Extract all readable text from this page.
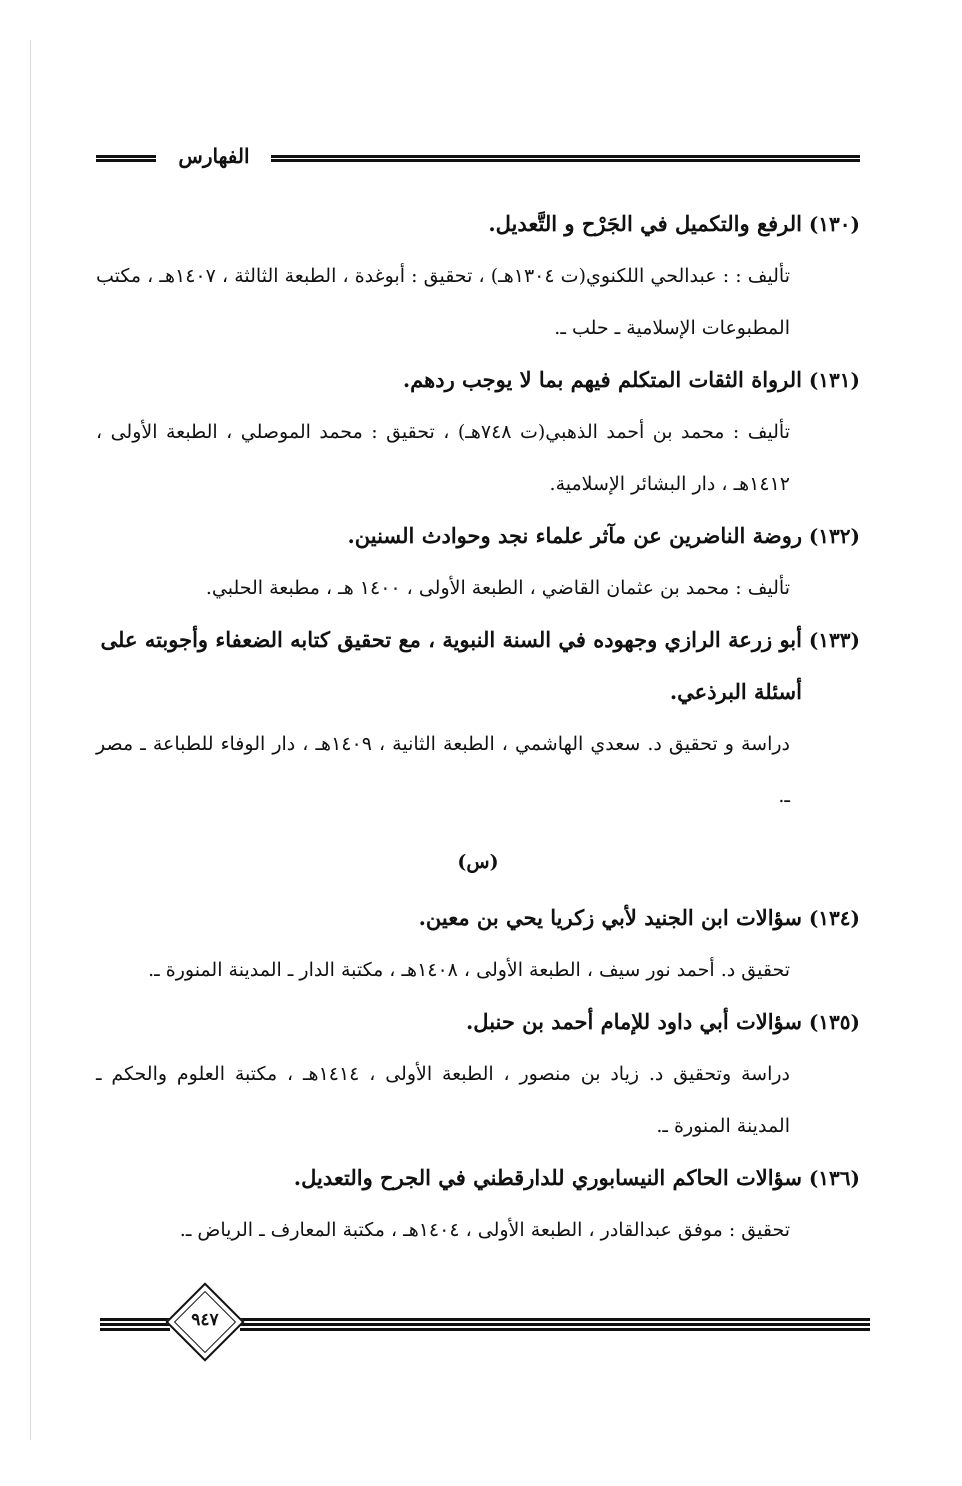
الفهارس
(١٣٠)
الرفع والتكميل في الجَرْح و التَّعديل.
تأليف : : عبدالحي اللكنوي(ت ١٣٠٤هـ) ، تحقيق : أبوغدة ، الطبعة الثالثة ، ١٤٠٧هـ ، مكتب المطبوعات الإسلامية ـ حلب ـ.
(١٣١)
الرواة الثقات المتكلم فيهم بما لا يوجب ردهم.
تأليف : محمد بن أحمد الذهبي(ت ٧٤٨هـ) ، تحقيق : محمد الموصلي ، الطبعة الأولى ، ١٤١٢هـ ، دار البشائر الإسلامية.
(١٣٢)
روضة الناضرين عن مآثر علماء نجد وحوادث السنين.
تأليف : محمد بن عثمان القاضي ، الطبعة الأولى ، ١٤٠٠ هـ ، مطبعة الحلبي.
(١٣٣)
أبو زرعة الرازي وجهوده في السنة النبوية ، مع تحقيق كتابه الضعفاء وأجوبته على أسئلة البرذعي.
دراسة و تحقيق د. سعدي الهاشمي ، الطبعة الثانية ، ١٤٠٩هـ ، دار الوفاء للطباعة ـ مصر ـ.
(س)
(١٣٤)
سؤالات ابن الجنيد لأبي زكريا يحي بن معين.
تحقيق د. أحمد نور سيف ، الطبعة الأولى ، ١٤٠٨هـ ، مكتبة الدار ـ المدينة المنورة ـ.
(١٣٥)
سؤالات أبي داود للإمام أحمد بن حنبل.
دراسة وتحقيق د. زياد بن منصور ، الطبعة الأولى ، ١٤١٤هـ ، مكتبة العلوم والحكم ـ المدينة المنورة ـ.
(١٣٦)
سؤالات الحاكم النيسابوري للدارقطني في الجرح والتعديل.
تحقيق : موفق عبدالقادر ، الطبعة الأولى ، ١٤٠٤هـ ، مكتبة المعارف ـ الرياض ـ.
٩٤٧
